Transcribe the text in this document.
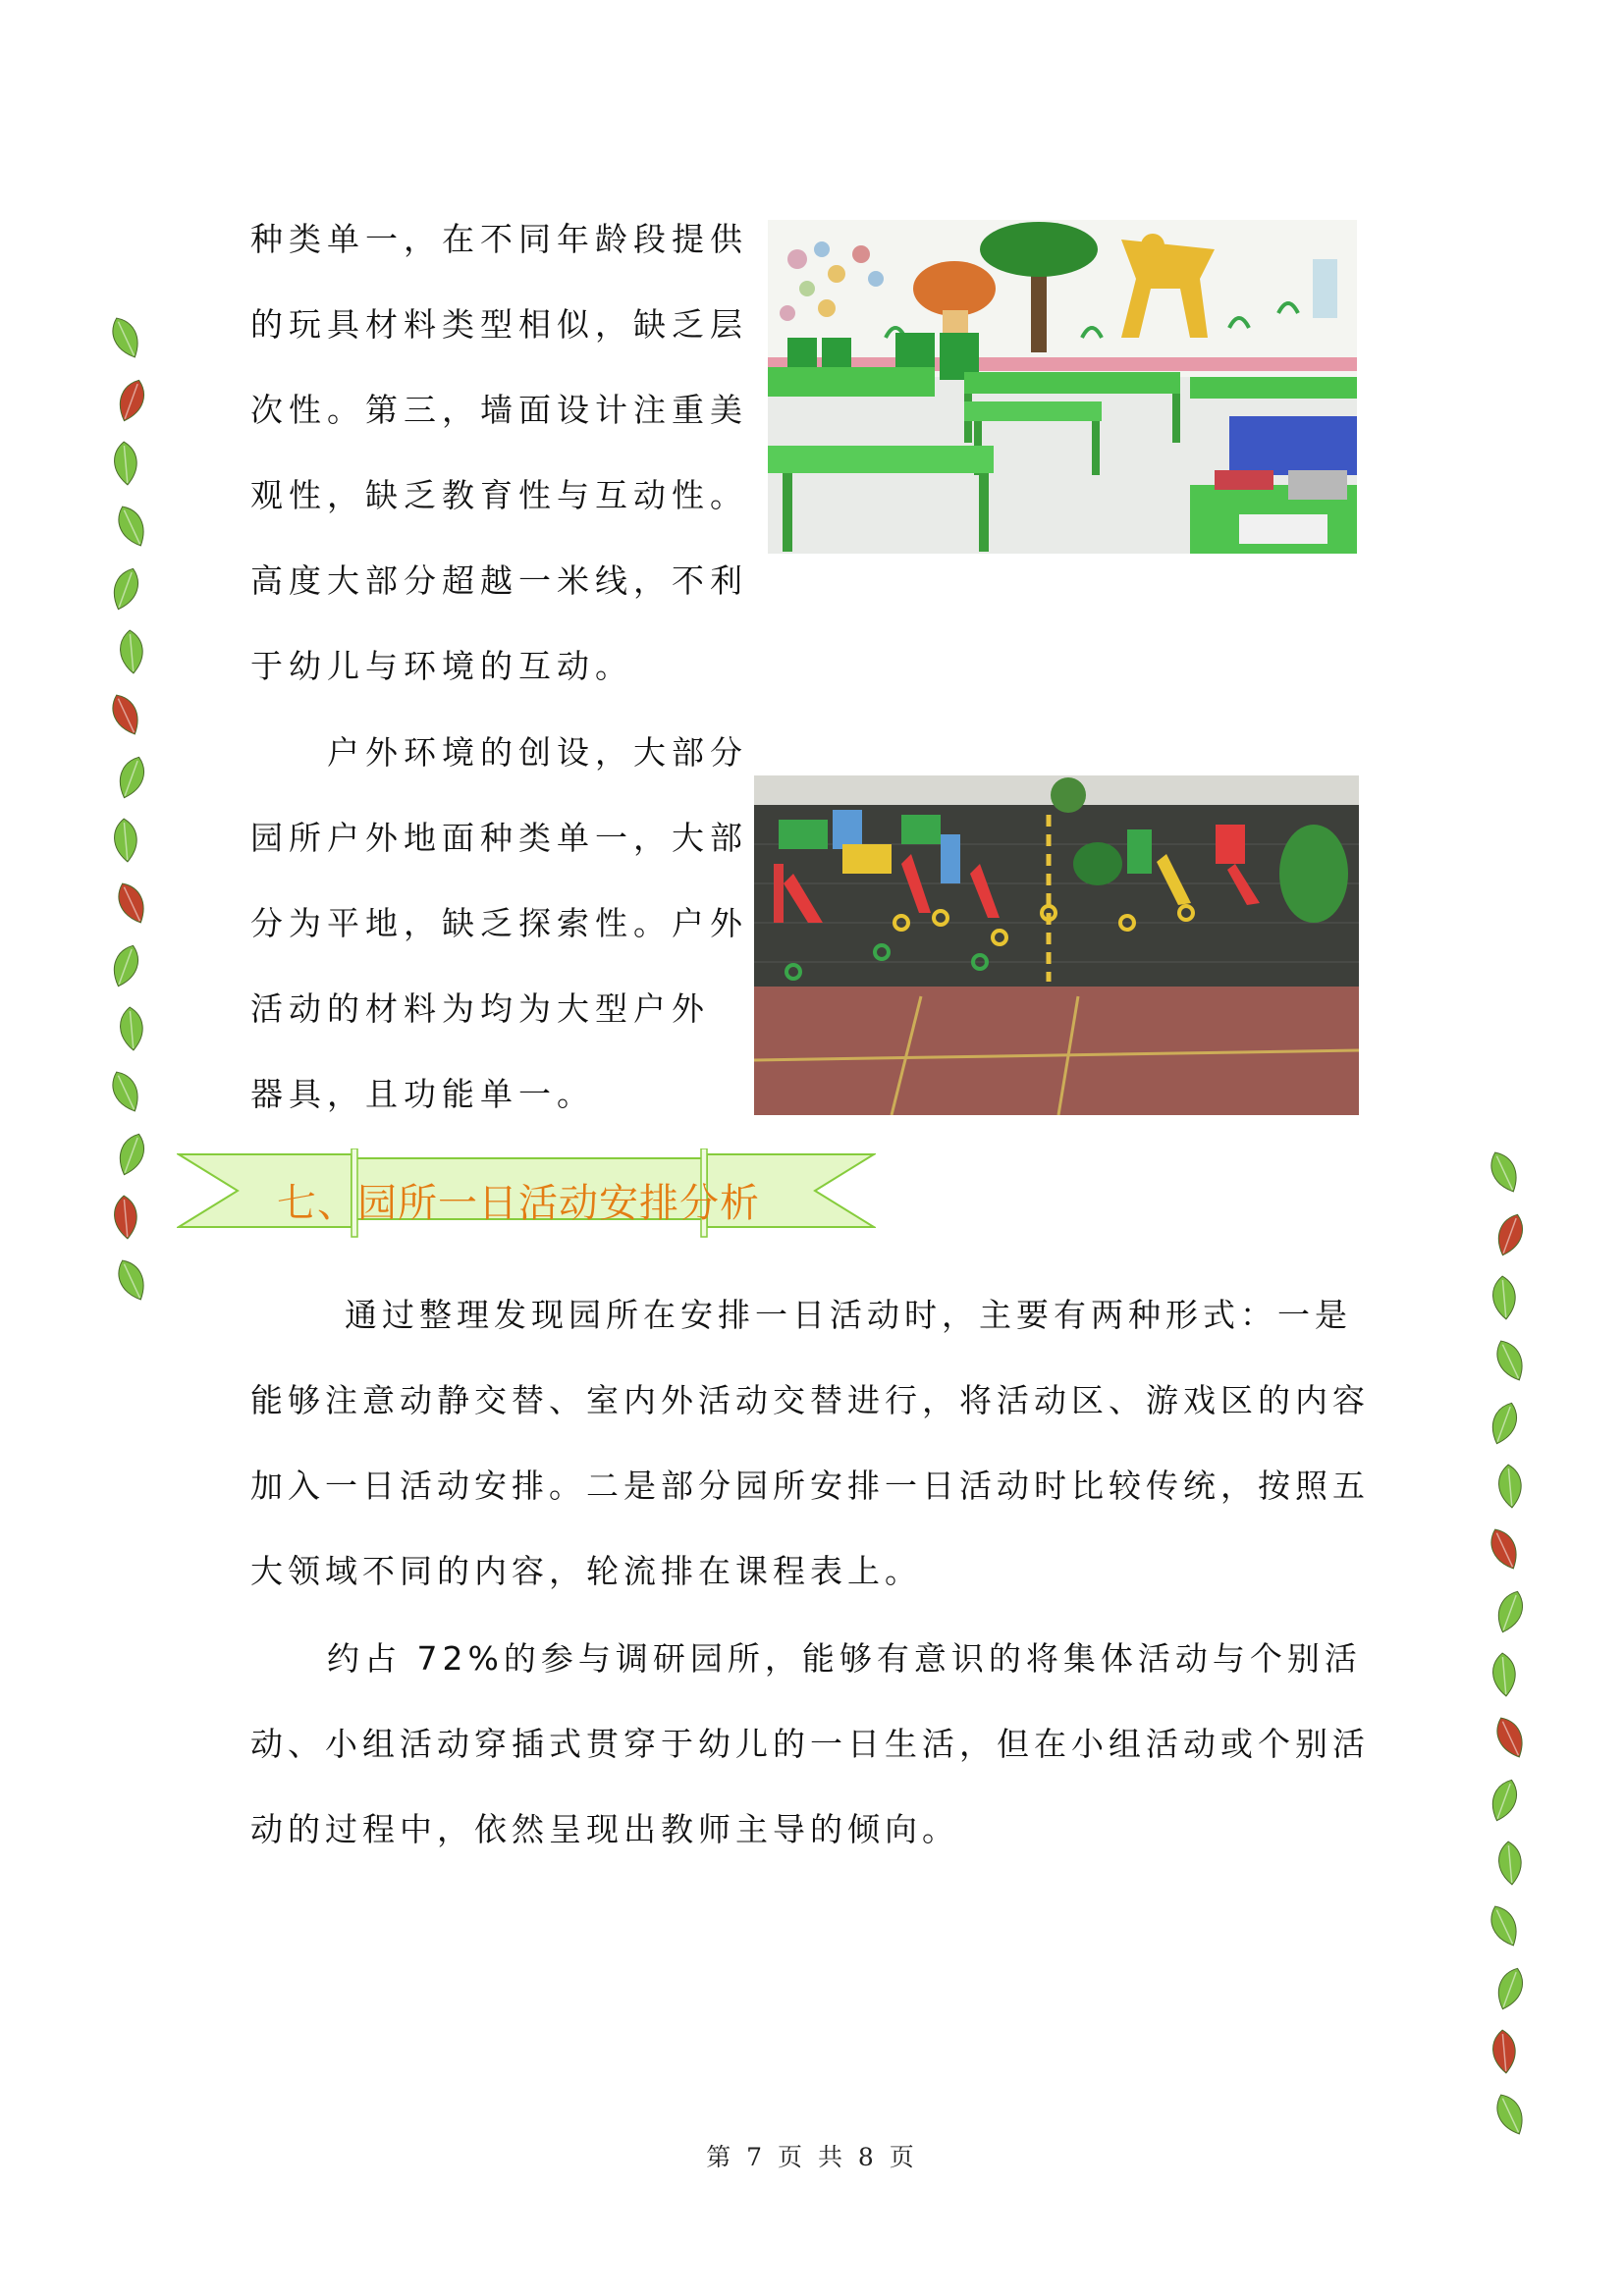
种类单一，在不同年龄段提供
的玩具材料类型相似，缺乏层
次性。第三，墙面设计注重美
观性，缺乏教育性与互动性。
高度大部分超越一米线，不利
于幼儿与环境的互动。
户外环境的创设，大部分
园所户外地面种类单一，大部
分为平地，缺乏探索性。户外
活动的材料为均为大型户外
器具，且功能单一。
七、园所一日活动安排分析
通过整理发现园所在安排一日活动时，主要有两种形式：一是
能够注意动静交替、室内外活动交替进行，将活动区、游戏区的内容
加入一日活动安排。二是部分园所安排一日活动时比较传统，按照五
大领域不同的内容，轮流排在课程表上。
约占 72%的参与调研园所，能够有意识的将集体活动与个别活
动、小组活动穿插式贯穿于幼儿的一日生活，但在小组活动或个别活
动的过程中，依然呈现出教师主导的倾向。
第 7 页 共 8 页
